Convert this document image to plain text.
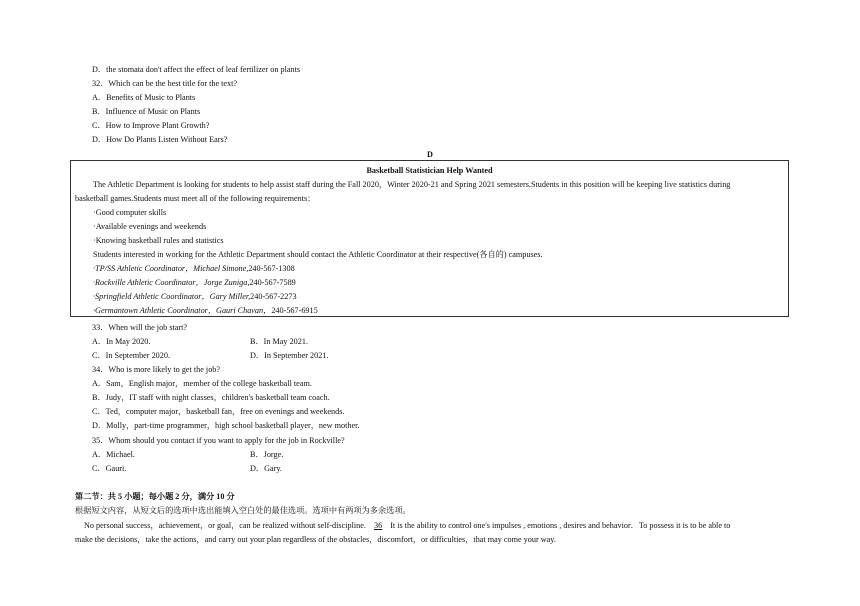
D．the stomata don't affect the effect of leaf fertilizer on plants
32．Which can be the best title for the text?
A．Benefits of Music to Plants
B．Influence of Music on Plants
C．How to Improve Plant Growth?
D．How Do Plants Listen Without Ears?
D
Basketball Statistician Help Wanted
The Athletic Department is looking for students to help assist staff during the Fall 2020，Winter 2020-21 and Spring 2021 semesters.Students in this position will be keeping live statistics during
basketball games.Students must meet all of the following requirements：
·Good computer skills
·Available evenings and weekends
·Knowing basketball rules and statistics
Students interested in working for the Athletic Department should contact the Athletic Coordinator at their respective(各自的) campuses.
·TP/SS Athletic Coordinator，Michael Simone,240-567-1308
·Rockville Athletic Coordinator，Jorge Zuniga,240-567-7589
·Springfield Athletic Coordinator，Gary Miller,240-567-2273
·Germantown Athletic Coordinator，Gauri Chavan，240-567-6915
33．When will the job start?
A．In May 2020.	B．In May 2021.
C．In September 2020.	D．In September 2021.
34．Who is more likely to get the job?
A．Sam，English major，member of the college basketball team.
B．Judy，IT staff with night classes，children's basketball team coach.
C．Ted，computer major，basketball fan，free on evenings and weekends.
D．Molly，part-time programmer，high school basketball player，new mother.
35．Whom should you contact if you want to apply for the job in Rockville?
A．Michael.	B．Jorge.
C．Gauri.	D．Gary.
第二节：共 5 小题；每小题 2 分，满分 10 分
根据短文内容，从短文后的选项中选出能填入空白处的最佳选项。选项中有两项为多余选项。
No personal success，achievement，or goal，can be realized without self-discipline. 36 It is the ability to control one's impulses , emotions , desires and behavior．To possess it is to be able to
make the decisions，take the actions，and carry out your plan regardless of the obstacles，discomfort，or difficulties，that may come your way.
